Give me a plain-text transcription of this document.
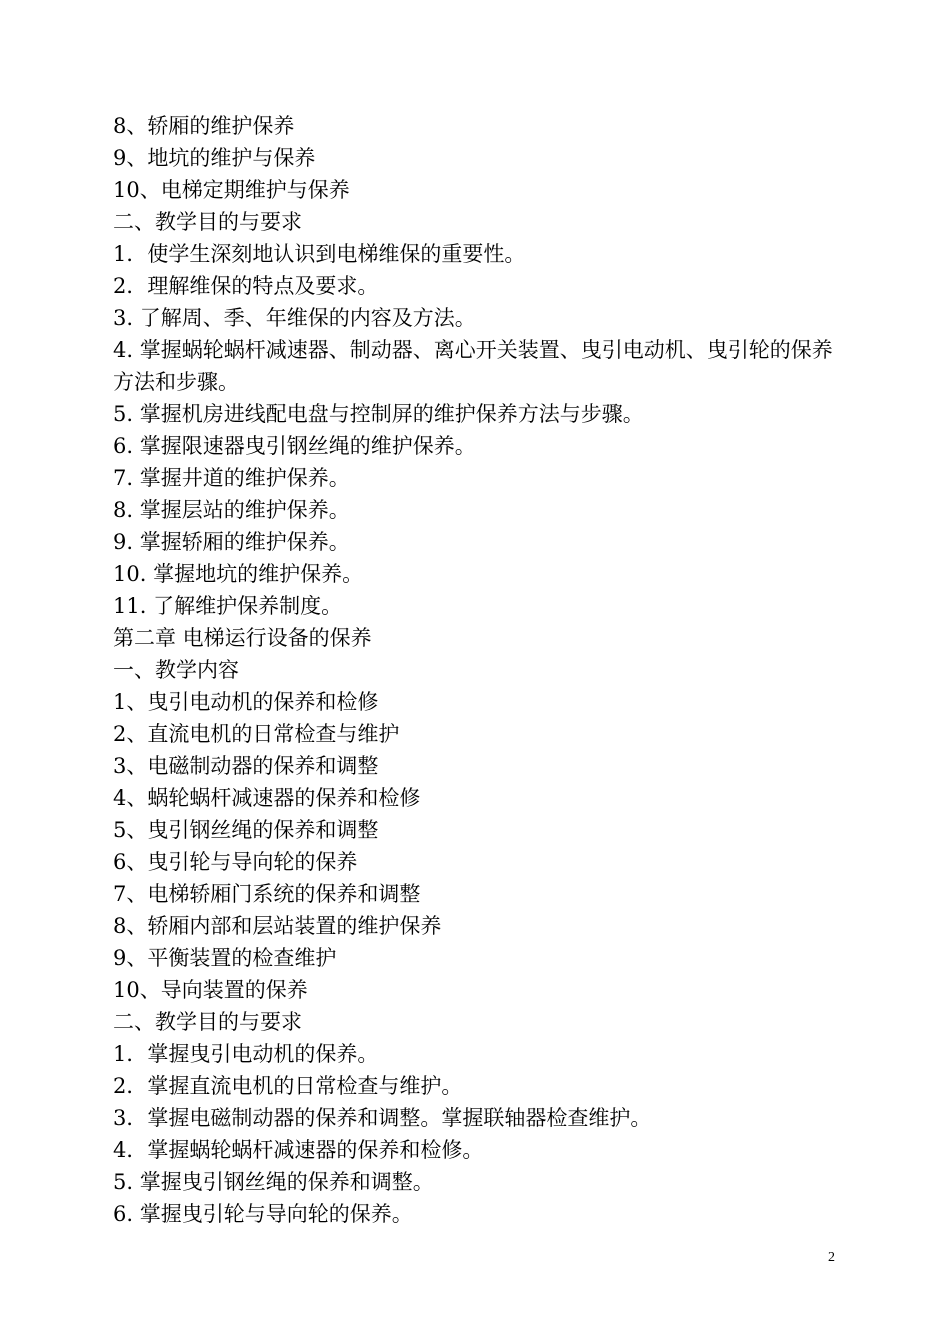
8、轿厢的维护保养
9、地坑的维护与保养
10、电梯定期维护与保养
二、教学目的与要求
1．使学生深刻地认识到电梯维保的重要性。
2．理解维保的特点及要求。
3. 了解周、季、年维保的内容及方法。
4. 掌握蜗轮蜗杆减速器、制动器、离心开关装置、曳引电动机、曳引轮的保养方法和步骤。
5. 掌握机房进线配电盘与控制屏的维护保养方法与步骤。
6. 掌握限速器曳引钢丝绳的维护保养。
7. 掌握井道的维护保养。
8. 掌握层站的维护保养。
9. 掌握轿厢的维护保养。
10. 掌握地坑的维护保养。
11. 了解维护保养制度。
第二章 电梯运行设备的保养
一、教学内容
1、曳引电动机的保养和检修
2、直流电机的日常检查与维护
3、电磁制动器的保养和调整
4、蜗轮蜗杆减速器的保养和检修
5、曳引钢丝绳的保养和调整
6、曳引轮与导向轮的保养
7、电梯轿厢门系统的保养和调整
8、轿厢内部和层站装置的维护保养
9、平衡装置的检查维护
10、导向装置的保养
二、教学目的与要求
1．掌握曳引电动机的保养。
2．掌握直流电机的日常检查与维护。
3．掌握电磁制动器的保养和调整。掌握联轴器检查维护。
4．掌握蜗轮蜗杆减速器的保养和检修。
5. 掌握曳引钢丝绳的保养和调整。
6. 掌握曳引轮与导向轮的保养。
2
